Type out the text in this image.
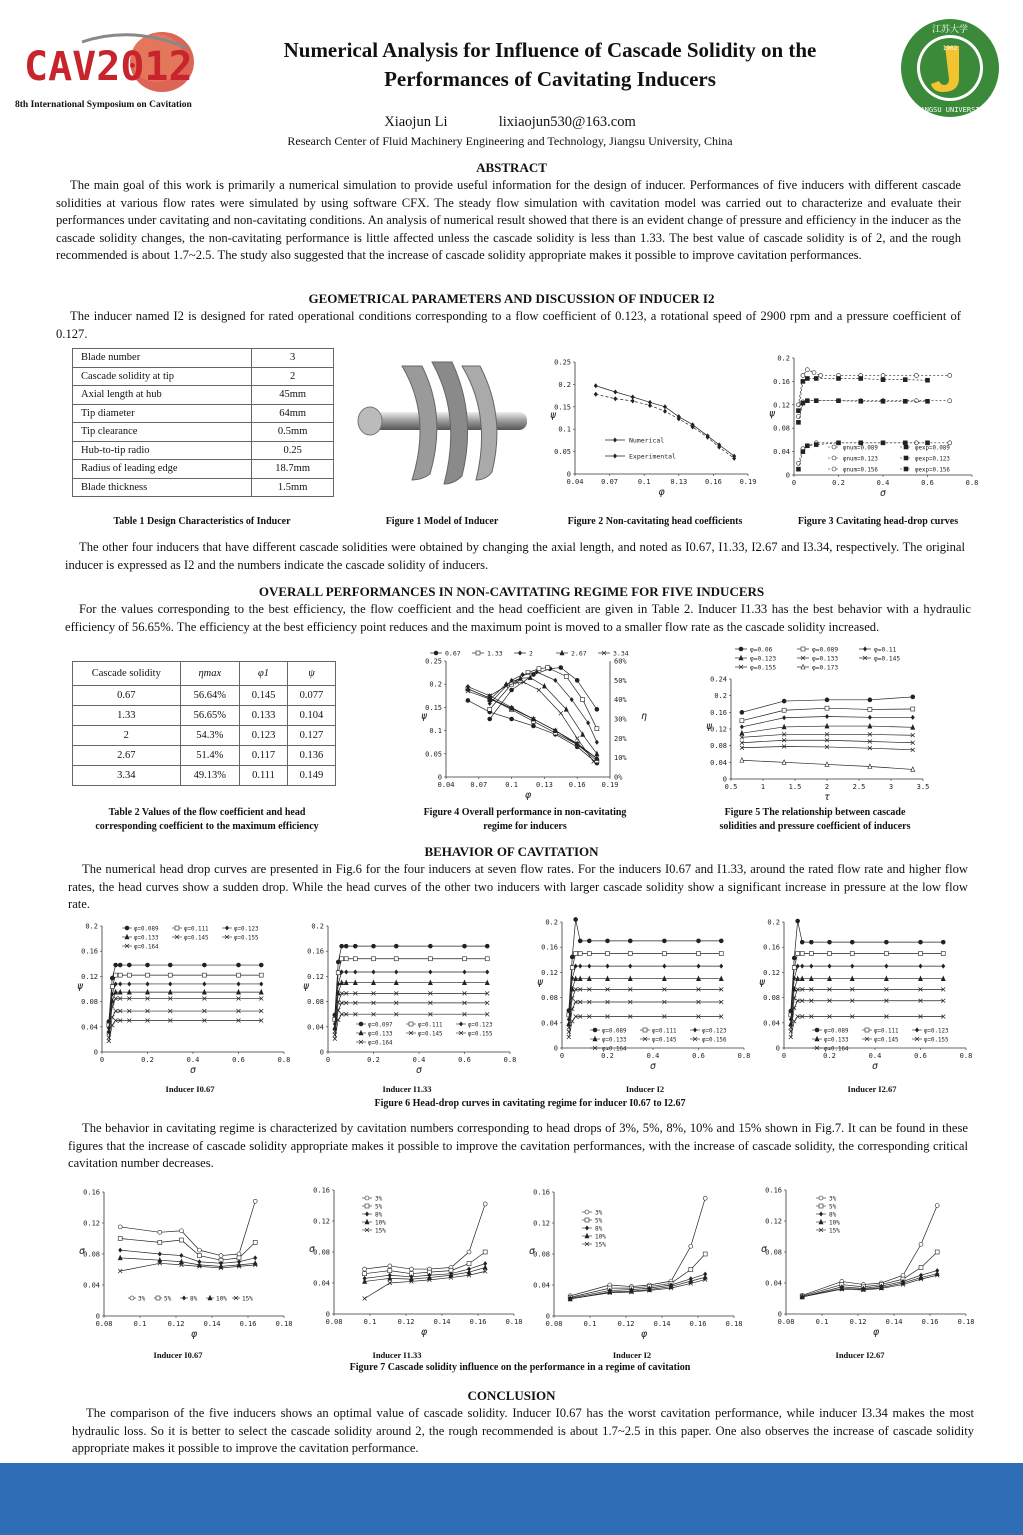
CAV2012
8th International Symposium on Cavitation
江苏大学
1902
JIANGSU UNIVERSITY
Numerical Analysis for Influence of Cascade Solidity on the
Performances of Cavitating Inducers
Xiaojun Li	lixiaojun530@163.com
Research Center of Fluid Machinery Engineering and Technology, Jiangsu University, China
ABSTRACT

The main goal of this work is primarily a numerical simulation to provide useful information for the design of inducer. Performances of five inducers with different cascade solidities at various flow rates were simulated by using software CFX. The steady flow simulation with cavitation model was carried out to characterize and evaluate their performances under cavitating and non-cavitating conditions. An analysis of numerical result showed that there is an evident change of pressure and efficiency in the inducer as the cascade solidity changes, the non-cavitating performance is little affected unless the cascade solidity is less than 1.33. The best value of cascade solidity is of 2, and the rough recommended is about 1.7~2.5. The study also suggested that the increase of cascade solidity appropriate makes it possible to improve cavitation performances.

GEOMETRICAL PARAMETERS AND DISCUSSION OF INDUCER I2

The inducer named I2 is designed for rated operational conditions corresponding to a flow coefficient of 0.123, a rotational speed of 2900 rpm and a pressure coefficient of 0.127.

Blade number	3
Cascade solidity at tip	2
Axial length at hub	45mm
Tip diameter	64mm
Tip clearance	0.5mm
Hub-to-tip radio	0.25
Radius of leading edge	18.7mm
Blade thickness	1.5mm	0.04	0.07	0.1	0.13	0.16	0.19
0
0.05
0.1
0.15
0.2
0.25
φ
ψ
Numerical
Experimental
0	0.2	0.4	0.6	0.8
0
0.04
0.08
0.12
0.16
0.2
σ
ψ
φnum=0.089	φexp=0.089
φnum=0.123	φexp=0.123
φnum=0.156	φexp=0.156
Table 1 Design Characteristics of Inducer	Figure 1 Model of Inducer	Figure 2 Non-cavitating head coefficients	Figure 3 Cavitating head-drop curves

The other four inducers that have different cascade solidities were obtained by changing the axial length, and noted as I0.67, I1.33, I2.67 and I3.34, respectively. The original inducer is expressed as I2 and the numbers indicate the cascade solidity of inducers.

OVERALL PERFORMANCES IN NON-CAVITATING REGIME FOR FIVE INDUCERS

For the values corresponding to the best efficiency, the flow coefficient and the head coefficient are given in Table 2. Inducer I1.33 has the best behavior with a hydraulic efficiency of 56.65%. The efficiency at the best efficiency point reduces and the maximum point is moved to a smaller flow rate as the cascade solidity increased.

Cascade solidity	ηmax	φ1	ψ
0.67	56.64%	0.145	0.077
1.33	56.65%	0.133	0.104
2	54.3%	0.123	0.127
2.67	51.4%	0.117	0.136
3.34	49.13%	0.111	0.149
0.04 0.07	0.1	0.13 0.16 0.19
0
0.05
0.1
0.15
0.2
0.25
φ
ψ
0%
10%
20%
30%
40%
50%
60%
η
0.67	1.33	2	2.67	3.34
0.5	1	1.5	2	2.5	3	3.5
0
0.04
0.08
0.12
0.16
0.2
0.24
τ
ψ
φ=0.06	φ=0.089	φ=0.11
φ=0.123	φ=0.133	φ=0.145
φ=0.155	φ=0.173
Table 2 Values of the flow coefficient and head
corresponding coefficient to the maximum efficiency
Figure 4 Overall performance in non-cavitating
regime for inducers
Figure 5 The relationship between cascade
solidities and pressure coefficient of inducers
BEHAVIOR OF CAVITATION

The numerical head drop curves are presented in Fig.6 for the four inducers at seven flow rates. For the inducers I0.67 and I1.33, around the rated flow rate and higher flow rates, the head curves show a sudden drop. While the head curves of the other two inducers with larger cascade solidity show a significant increase in pressure at the low flow rate.

0	0.2	0.4	0.6	0.8
0
0.04
0.08
0.12
0.16
0.2
σ
ψ
φ=0.089	φ=0.111	φ=0.123
φ=0.133	φ=0.145	φ=0.155
φ=0.164
0	0.2	0.4	0.6	0.8
0
0.04
0.08
0.12
0.16
0.2
σ
ψ
φ=0.097	φ=0.111	φ=0.123
φ=0.133	φ=0.145	φ=0.155
φ=0.164
0	0.2	0.4	0.6	0.8
0
0.04
0.08
0.12
0.16
0.2
σ
ψ
φ=0.089	φ=0.111	φ=0.123
φ=0.133	φ=0.145	φ=0.156
φ=0.164
0	0.2	0.4	0.6	0.8
0
0.04
0.08
0.12
0.16
0.2
σ
ψ
φ=0.089	φ=0.111	φ=0.123
φ=0.133	φ=0.145	φ=0.155
φ=0.164
Inducer I0.67	Inducer I1.33	Inducer I2	Inducer I2.67
Figure 6 Head-drop curves in cavitating regime for inducer I0.67 to I2.67

The behavior in cavitating regime is characterized by cavitation numbers corresponding to head drops of 3%, 5%, 8%, 10% and 15% shown in Fig.7. It can be found in these figures that the increase of cascade solidity appropriate makes it possible to improve the cavitation performances, with the increase of cascade solidity, the corresponding critical cavitation number decreases.

0.08	0.1	0.12	0.14	0.16	0.18
0
0.04
0.08
0.12
0.16
φ
σ
3%	5%	8%	10%	15%
0.08	0.1	0.12	0.14	0.16	0.18
0
0.04
0.08
0.12
0.16
φ
σ
3%
5%
8%
10%
15%
0.08	0.1	0.12	0.14	0.16	0.18
0
0.04
0.08
0.12
0.16
φ
σ
3%
5%
8%
10%
15%
0.08	0.1	0.12	0.14	0.16	0.18
0
0.04
0.08
0.12
0.16
φ
σ
3%
5%
8%
10%
15%
Inducer I0.67	Inducer I1.33	Inducer I2	Inducer I2.67
Figure 7 Cascade solidity influence on the performance in a regime of cavitation
CONCLUSION

The comparison of the five inducers shows an optimal value of cascade solidity. Inducer I0.67 has the worst cavitation performance, while inducer I3.34 makes the most hydraulic loss. So it is better to select the cascade solidity around 2, the rough recommended is about 1.7~2.5 in this paper. One also observes the increase of cascade solidity appropriate makes it possible to improve the cavitation performance.
